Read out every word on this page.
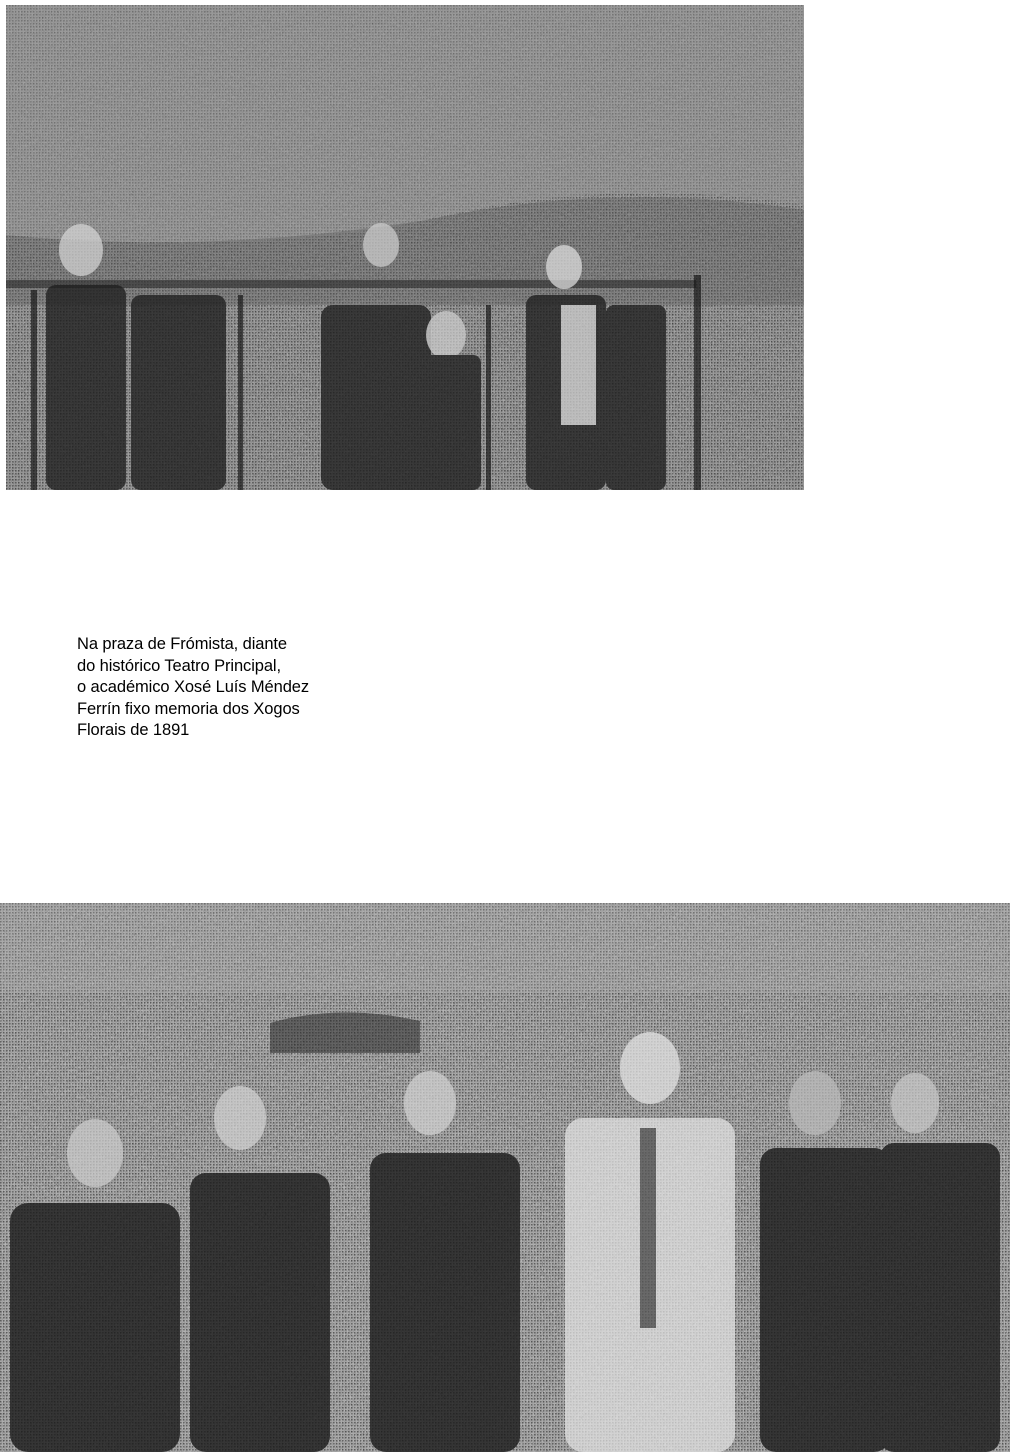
Na praza de Frómista, diante
do histórico Teatro Principal,
o académico Xosé Luís Méndez
Ferrín fixo memoria dos Xogos
Florais de 1891
